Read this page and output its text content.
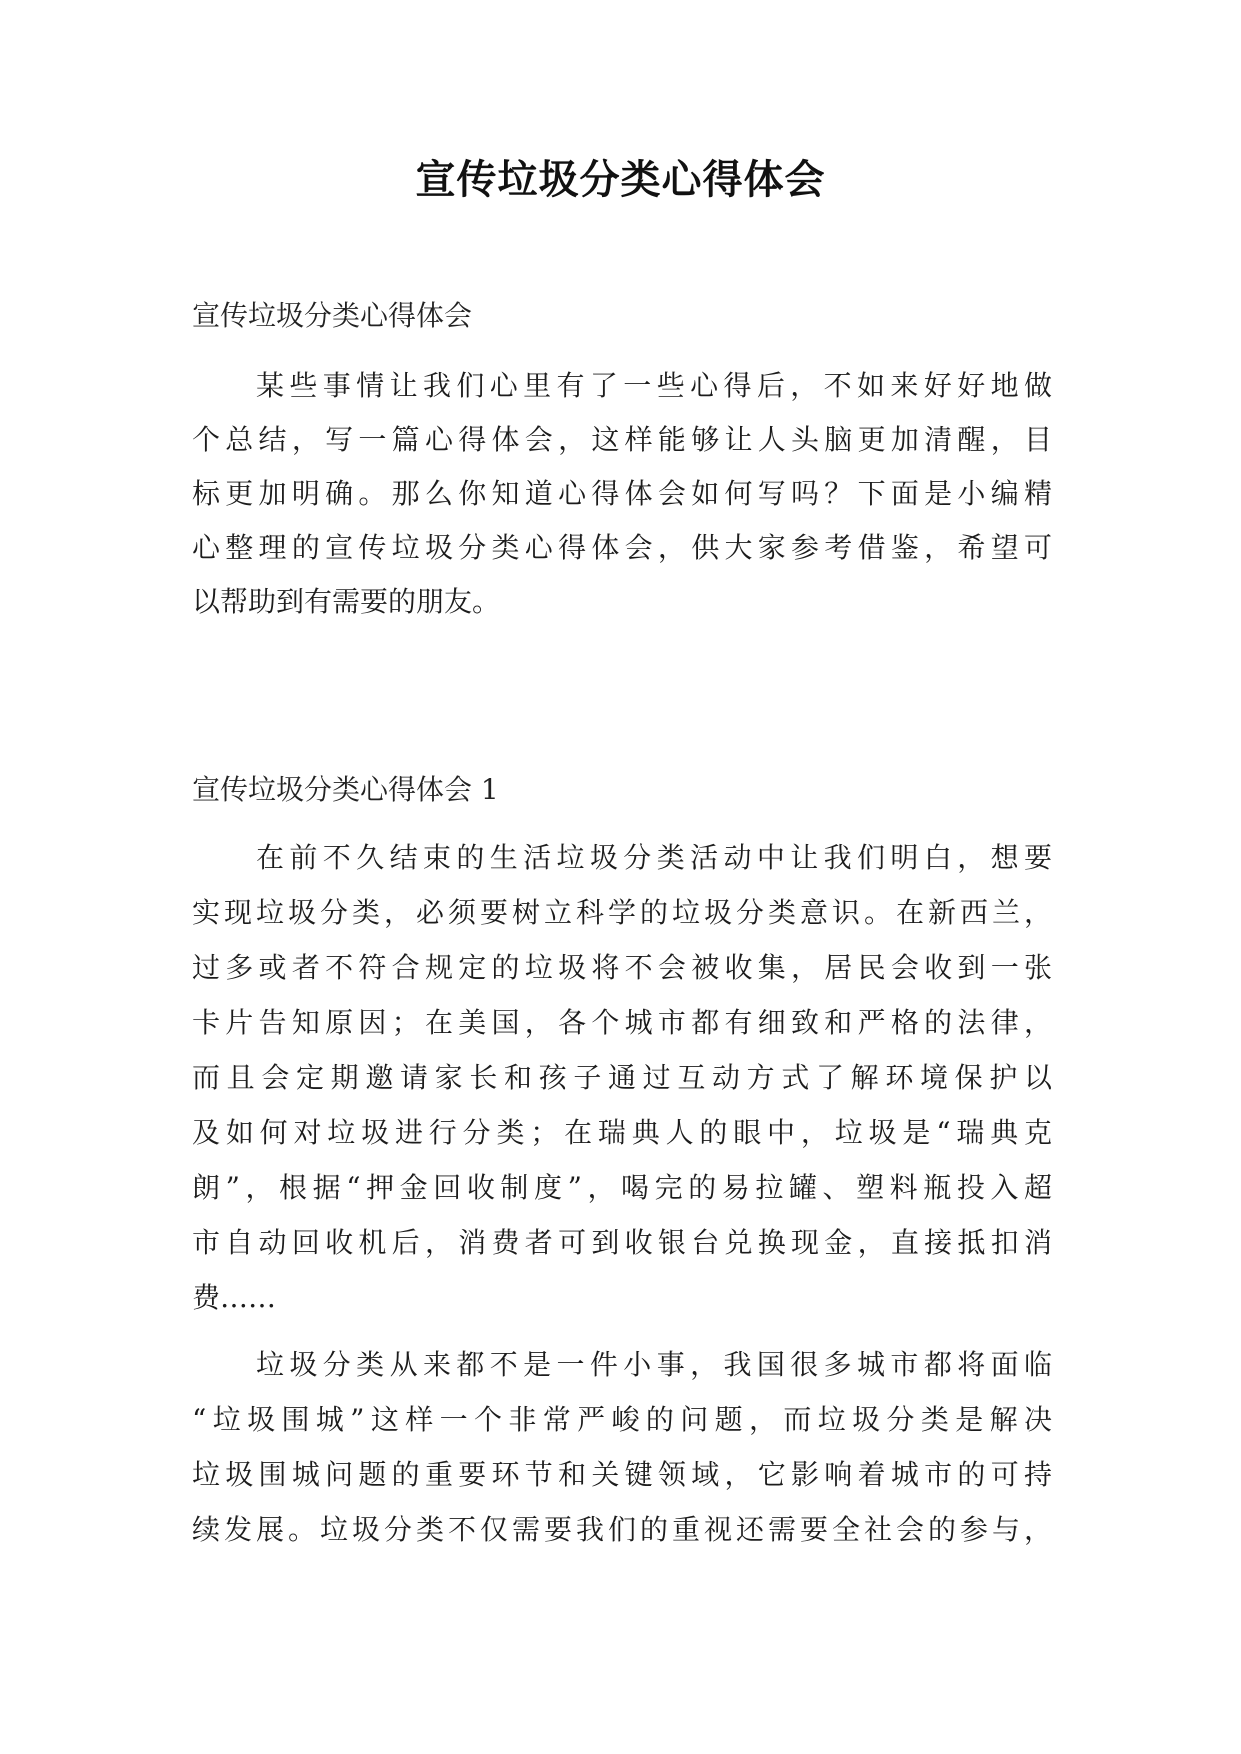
宣传垃圾分类心得体会
宣传垃圾分类心得体会
某些事情让我们心里有了一些心得后，不如来好好地做
个总结，写一篇心得体会，这样能够让人头脑更加清醒，目
标更加明确。那么你知道心得体会如何写吗？下面是小编精
心整理的宣传垃圾分类心得体会，供大家参考借鉴，希望可
以帮助到有需要的朋友。
宣传垃圾分类心得体会 1
在前不久结束的生活垃圾分类活动中让我们明白，想要
实现垃圾分类，必须要树立科学的垃圾分类意识。在新西兰，
过多或者不符合规定的垃圾将不会被收集，居民会收到一张
卡片告知原因；在美国，各个城市都有细致和严格的法律，
而且会定期邀请家长和孩子通过互动方式了解环境保护以
及如何对垃圾进行分类；在瑞典人的眼中，垃圾是“瑞典克
朗”，根据“押金回收制度”，喝完的易拉罐、塑料瓶投入超
市自动回收机后，消费者可到收银台兑换现金，直接抵扣消
费……
垃圾分类从来都不是一件小事，我国很多城市都将面临
“垃圾围城”这样一个非常严峻的问题，而垃圾分类是解决
垃圾围城问题的重要环节和关键领域，它影响着城市的可持
续发展。垃圾分类不仅需要我们的重视还需要全社会的参与，
